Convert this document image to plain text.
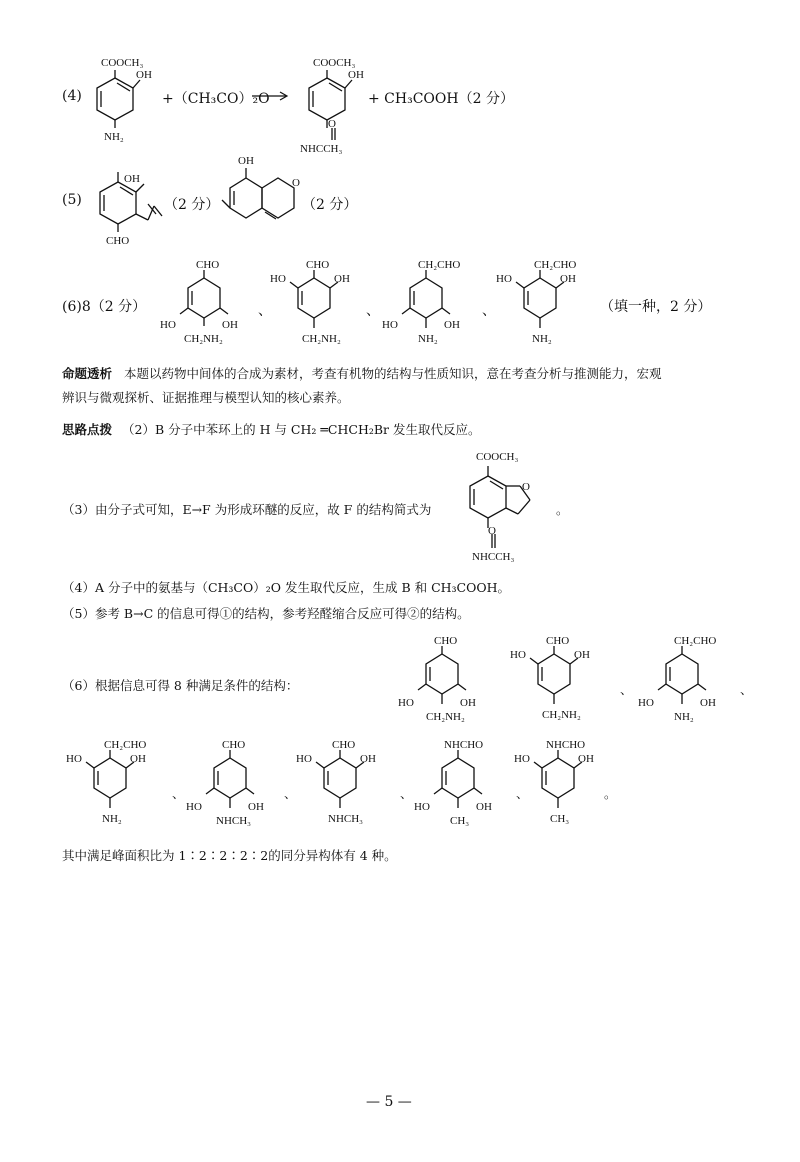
(4)
COOCH₃
OH
NH₂
+（CH₃CO）₂O
COOCH₃
OH
O
NHCCH₃
+ CH₃COOH（2 分）
(5)
OH
CHO
（2 分）
OH
O
（2 分）
(6)8（2 分）
CHO
HO	OH
CH₂NH₂
、
CHO
HO	OH
CH₂NH₂
、
CH₂CHO
HO	OH
NH₂
、
CH₂CHO
HO	OH
NH₂
（填一种，2 分）
命题透析 本题以药物中间体的合成为素材，考查有机物的结构与性质知识，意在考查分析与推测能力，宏观
辨识与微观探析、证据推理与模型认知的核心素养。
思路点拨 （2）B 分子中苯环上的 H 与 CH₂ ═CHCH₂Br 发生取代反应。
（3）由分子式可知，E→F 为形成环醚的反应，故 F 的结构简式为
COOCH₃
O
O
NHCCH₃
。
（4）A 分子中的氨基与（CH₃CO）₂O 发生取代反应，生成 B 和 CH₃COOH。
（5）参考 B→C 的信息可得①的结构，参考羟醛缩合反应可得②的结构。
（6）根据信息可得 8 种满足条件的结构：
CHO
HO	OH
CH₂NH₂
CHO
HO	OH
CH₂NH₂
、
CH₂CHO
HO	OH
NH₂
、
CH₂CHO
HO	OH
NH₂
、
CHO
HO	OH
NHCH₃
、
CHO
HO	OH
NHCH₃
、
NHCHO
HO	OH
CH₃
、
NHCHO
HO	OH
CH₃
。
其中满足峰面积比为 1∶2∶2∶2∶2的同分异构体有 4 种。
— 5 —
